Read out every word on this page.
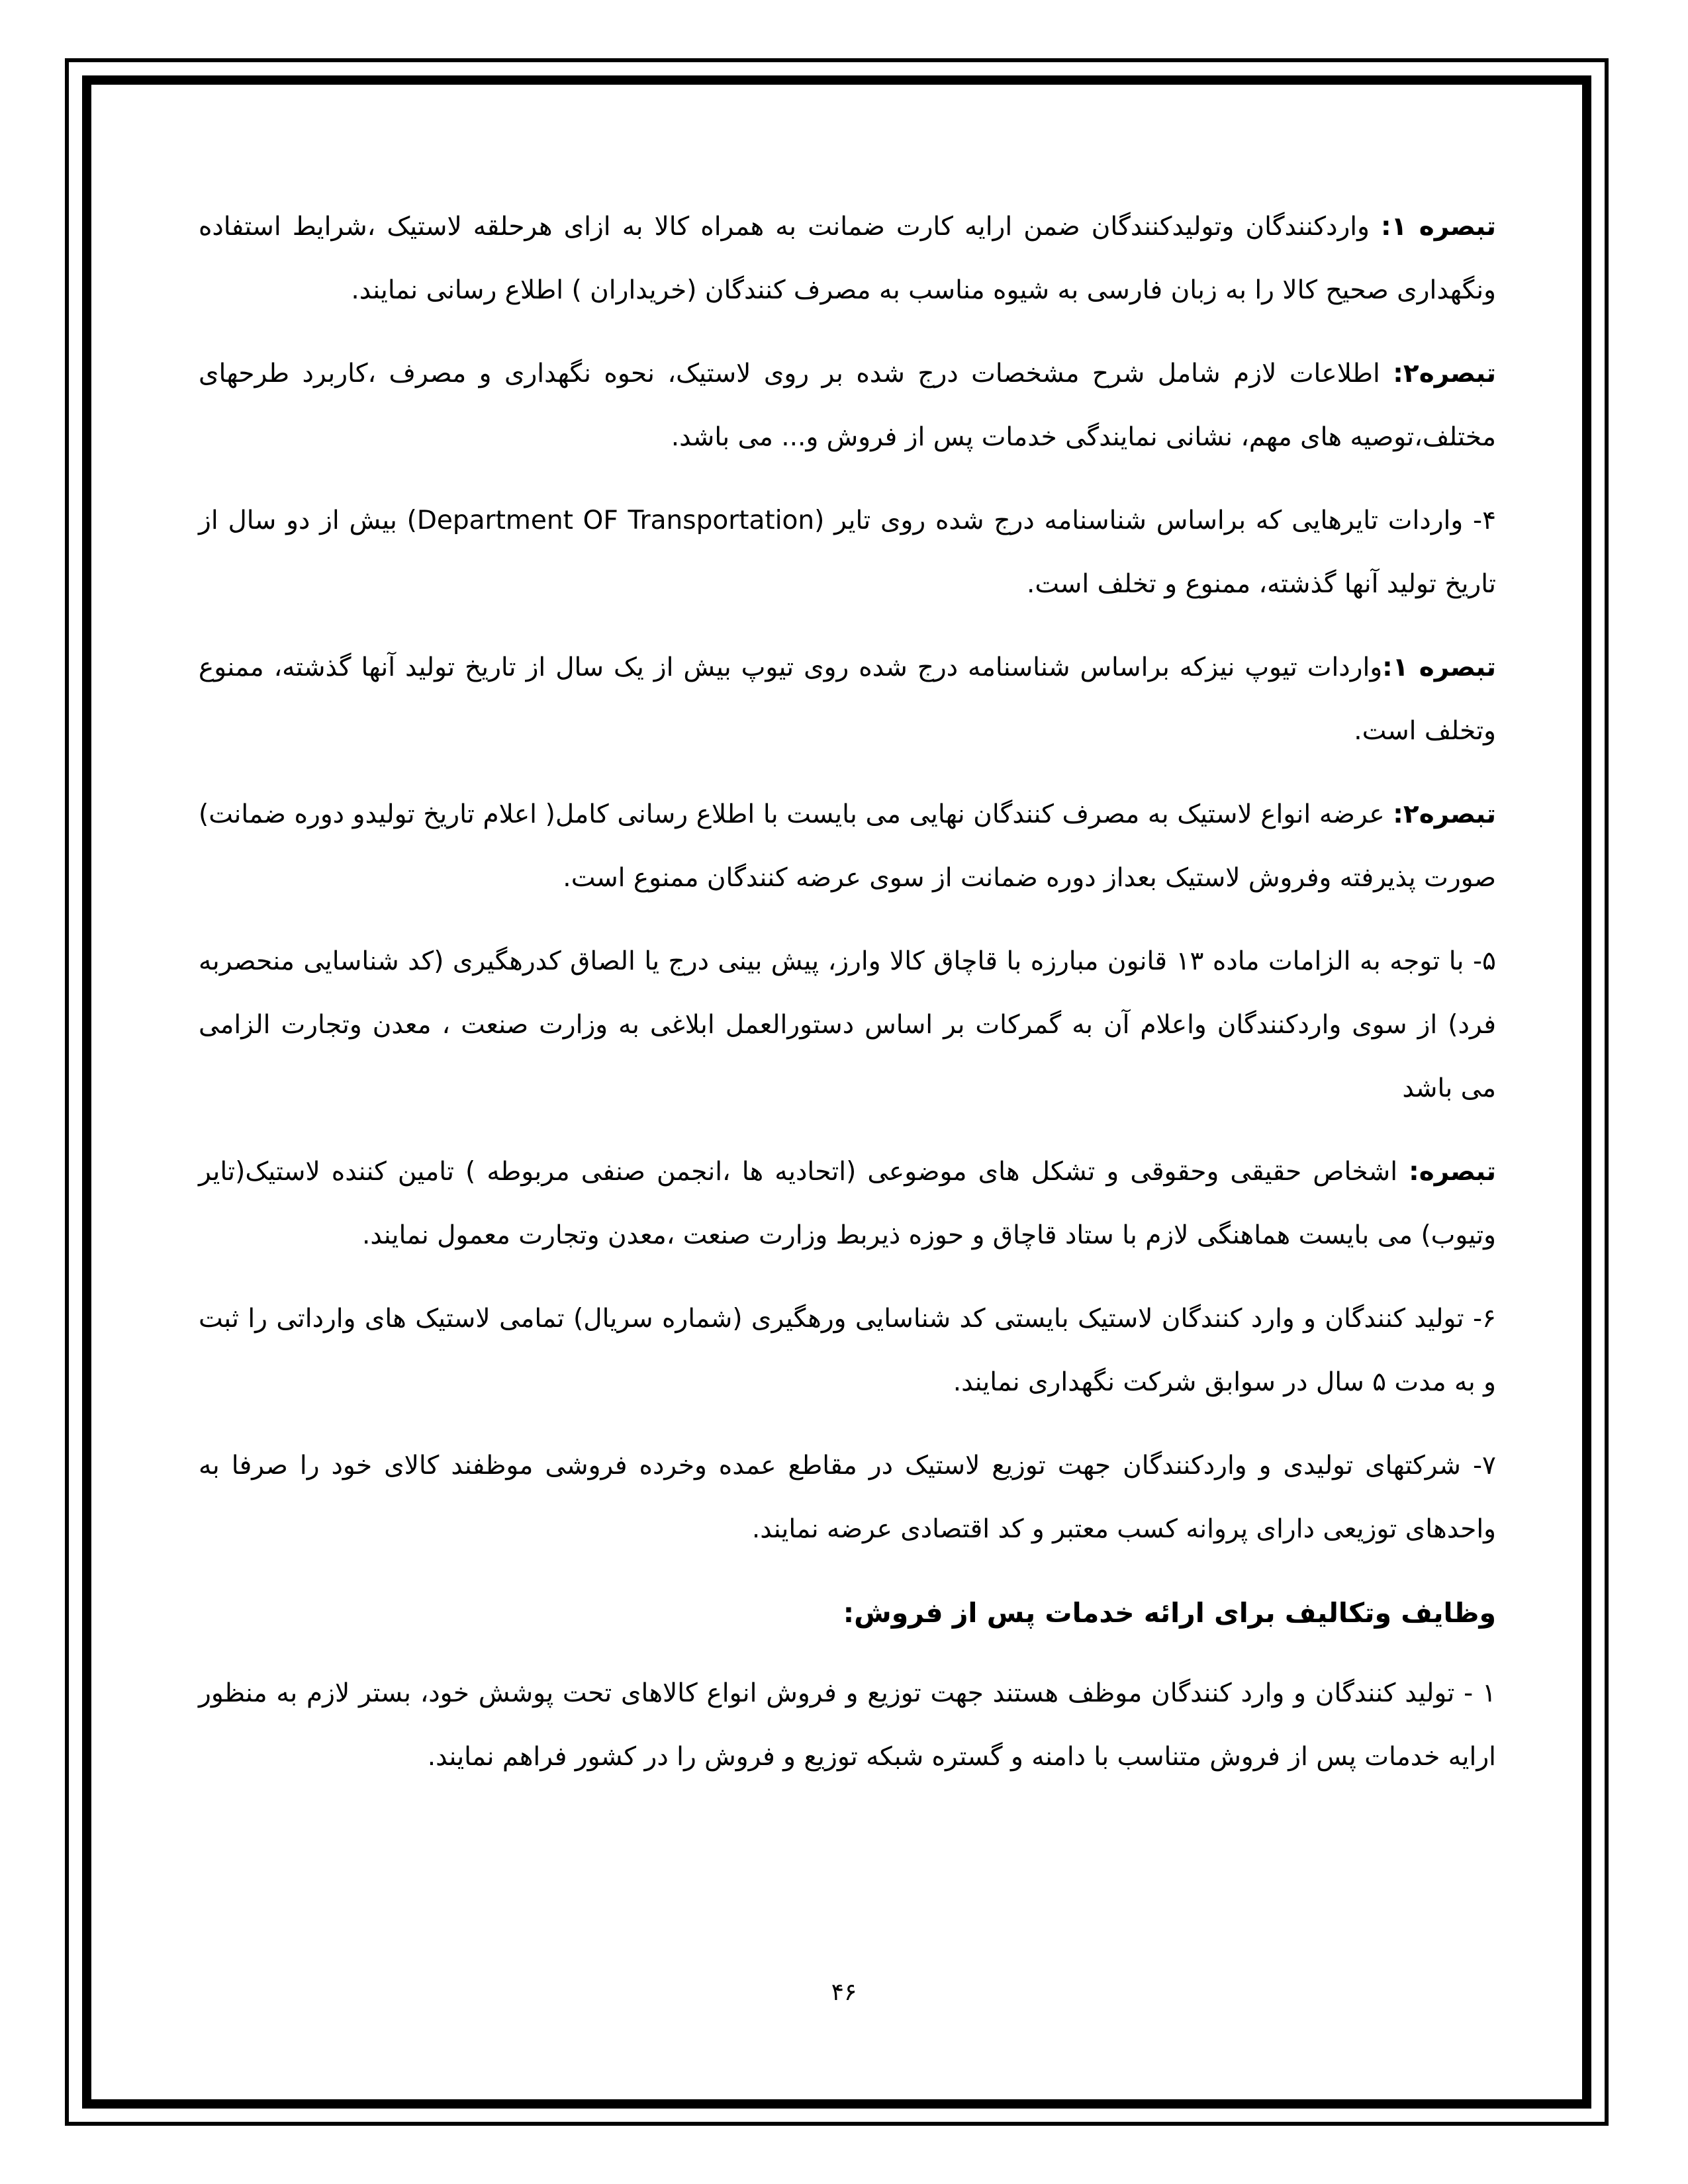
تبصره ۱: واردکنندگان وتولیدکنندگان ضمن ارایه کارت ضمانت به همراه کالا به ازای هرحلقه لاستیک ،شرایط استفاده ونگهداری صحیح کالا را به زبان فارسی به شیوه مناسب به مصرف کنندگان (خریداران ) اطلاع رسانی نمایند.

تبصره۲: اطلاعات لازم شامل شرح مشخصات درج شده بر روی لاستیک، نحوه نگهداری و مصرف ،کاربرد طرحهای مختلف،توصیه های مهم، نشانی نمایندگی خدمات پس از فروش و... می باشد.

۴- واردات تایرهایی که براساس شناسنامه درج شده روی تایر (Department OF Transportation) بیش از دو سال از تاریخ تولید آنها گذشته، ممنوع و تخلف است.

تبصره ۱:واردات تیوپ نیزکه براساس شناسنامه درج شده روی تیوپ بیش از یک سال از تاریخ تولید آنها گذشته، ممنوع وتخلف است.

تبصره۲: عرضه انواع لاستیک به مصرف کنندگان نهایی می بایست با اطلاع رسانی کامل( اعلام تاریخ تولیدو دوره ضمانت) صورت پذیرفته وفروش لاستیک بعداز دوره ضمانت از سوی عرضه کنندگان ممنوع است.

۵- با توجه به الزامات ماده ۱۳ قانون مبارزه با قاچاق کالا وارز، پیش بینی درج یا الصاق کدرهگیری (کد شناسایی منحصربه فرد) از سوی واردکنندگان واعلام آن به گمرکات بر اساس دستورالعمل ابلاغی به وزارت صنعت ، معدن وتجارت الزامی می باشد

تبصره: اشخاص حقیقی وحقوقی و تشکل های موضوعی (اتحادیه ها ،انجمن صنفی مربوطه ) تامین کننده لاستیک(تایر وتیوب) می بایست هماهنگی لازم با ستاد قاچاق و حوزه ذیربط وزارت صنعت ،معدن وتجارت معمول نمایند.

۶- تولید کنندگان و وارد کنندگان لاستیک بایستی کد شناسایی ورهگیری (شماره سریال) تمامی لاستیک های وارداتی را ثبت و به مدت ۵ سال در سوابق شرکت نگهداری نمایند.

۷- شرکتهای تولیدی و واردکنندگان جهت توزیع لاستیک در مقاطع عمده وخرده فروشی موظفند کالای خود را صرفا به واحدهای توزیعی دارای پروانه کسب معتبر و کد اقتصادی عرضه نمایند.

وظایف وتکالیف برای ارائه خدمات پس از فروش:

۱ - تولید کنندگان و وارد کنندگان موظف هستند جهت توزیع و فروش انواع کالاهای تحت پوشش خود، بستر لازم به منظور ارایه خدمات پس از فروش متناسب با دامنه و گستره شبکه توزیع و فروش را در کشور فراهم نمایند.

۴۶
